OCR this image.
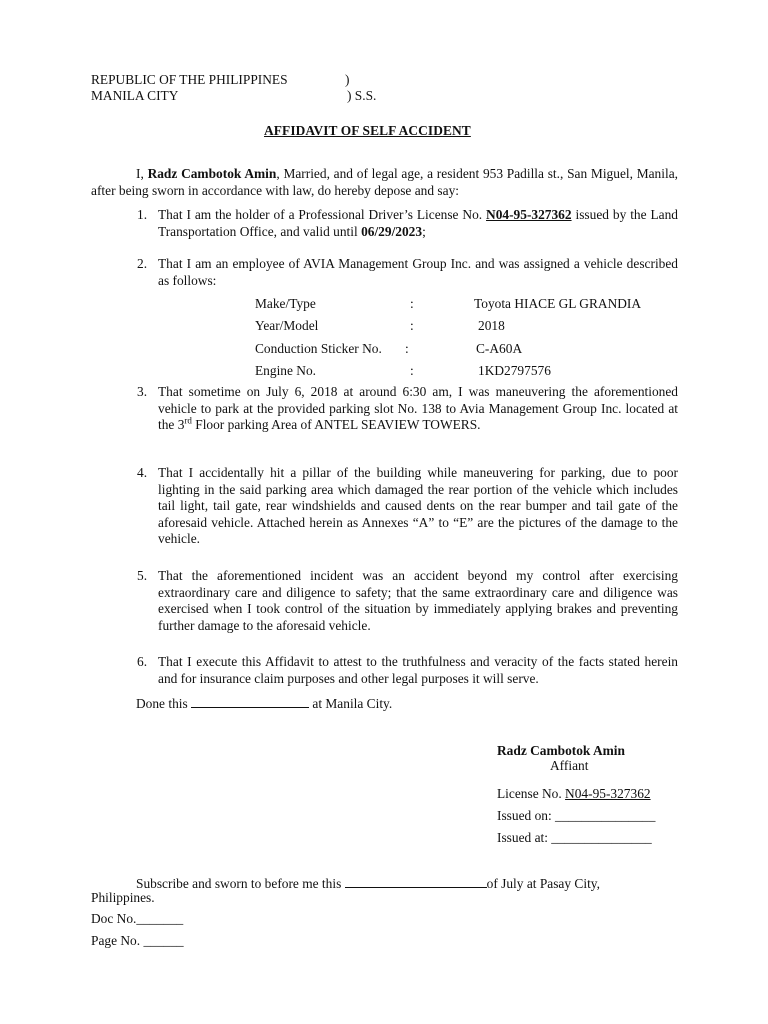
REPUBLIC OF THE PHILIPPINES	)
MANILA CITY	) S.S.
AFFIDAVIT OF SELF ACCIDENT
I, Radz Cambotok Amin, Married, and of legal age, a resident 953 Padilla st., San Miguel, Manila, after being sworn in accordance with law, do hereby depose and say:
1. That I am the holder of a Professional Driver’s License No. N04-95-327362 issued by the Land Transportation Office, and valid until 06/29/2023;
2. That I am an employee of AVIA Management Group Inc. and was assigned a vehicle described as follows:
Make/Type	:	Toyota HIACE GL GRANDIA
Year/Model	:	2018
Conduction Sticker No. :	C-A60A
Engine No.	:	1KD2797576
3. That sometime on July 6, 2018 at around 6:30 am, I was maneuvering the aforementioned vehicle to park at the provided parking slot No. 138 to Avia Management Group Inc. located at the 3rd Floor parking Area of ANTEL SEAVIEW TOWERS.
4. That I accidentally hit a pillar of the building while maneuvering for parking, due to poor lighting in the said parking area which damaged the rear portion of the vehicle which includes tail light, tail gate, rear windshields and caused dents on the rear bumper and tail gate of the aforesaid vehicle. Attached herein as Annexes “A” to “E” are the pictures of the damage to the vehicle.
5. That the aforementioned incident was an accident beyond my control after exercising extraordinary care and diligence to safety; that the same extraordinary care and diligence was exercised when I took control of the situation by immediately applying brakes and preventing further damage to the aforesaid vehicle.
6. That I execute this Affidavit to attest to the truthfulness and veracity of the facts stated herein and for insurance claim purposes and other legal purposes it will serve.
Done this	at Manila City.
Radz Cambotok Amin
Affiant
License No. N04-95-327362
Issued on: _______________
Issued at: _______________
Subscribe and sworn to before me this	of July at Pasay City,
Philippines.
Doc No._______
Page No. ______
